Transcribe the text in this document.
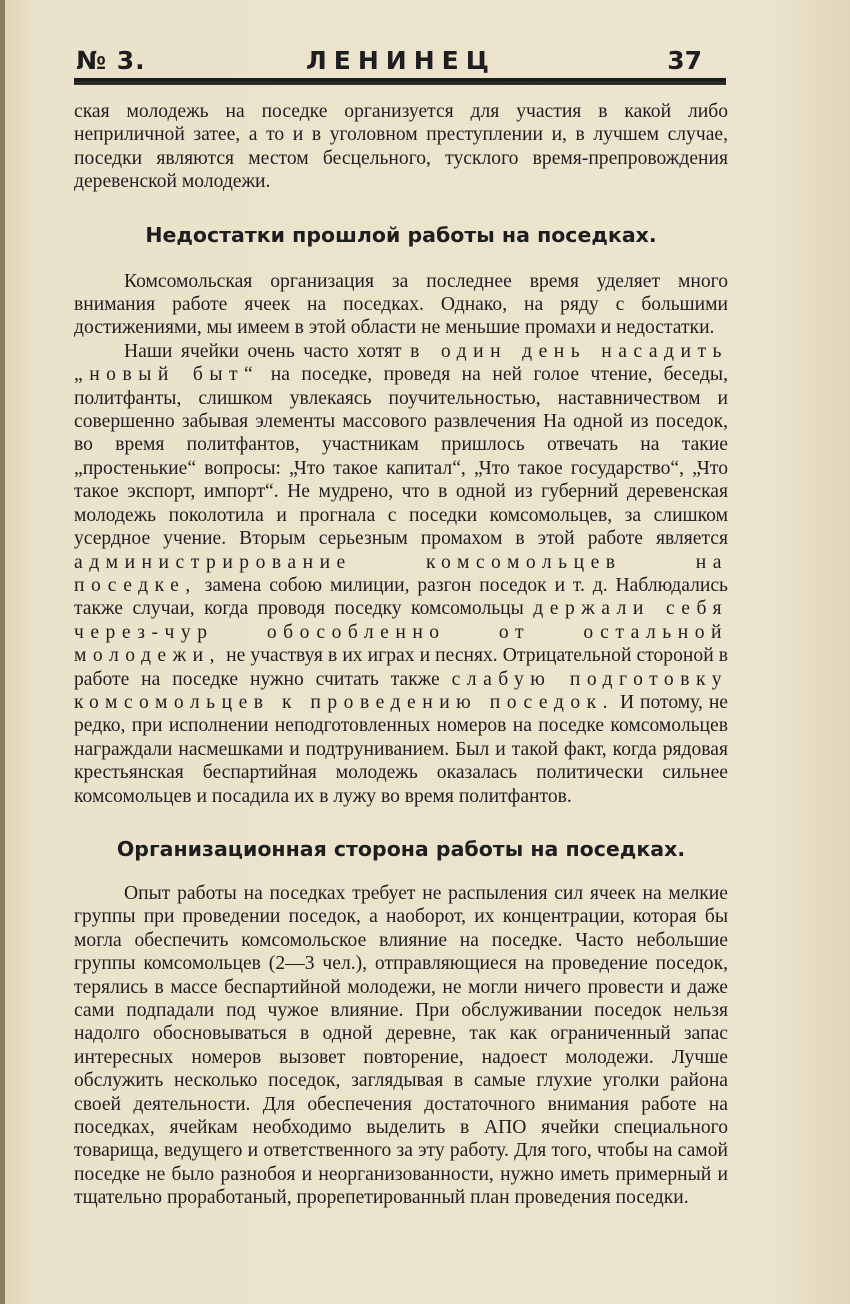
№ 3.	ЛЕНИНЕЦ	37

ская молодежь на поседке организуется для участия в какой либо неприличной затее, а то и в уголовном преступлении и, в лучшем случае, поседки являются местом бесцельного, тусклого время-препровождения деревенской молодежи.

Недостатки прошлой работы на поседках.

Комсомольская организация за последнее время уделяет много внимания работе ячеек на поседках. Однако, на ряду с большими достижениями, мы имеем в этой области не меньшие промахи и недостатки.

Наши ячейки очень часто хотят в один день насадить „новый быт“ на поседке, проведя на ней голое чтение, беседы, политфанты, слишком увлекаясь поучительностью, наставничеством и совершенно забывая элементы массового развлечения На одной из поседок, во время политфантов, участникам пришлось отвечать на такие „простенькие“ вопросы: „Что такое капитал“, „Что такое государство“, „Что такое экспорт, импорт“. Не мудрено, что в одной из губерний деревенская молодежь поколотила и прогнала с поседки комсомольцев, за слишком усердное учение. Вторым серьезным промахом в этой работе является администрирование комсомольцев на поседке, замена собою милиции, разгон поседок и т. д. Наблюдались также случаи, когда проводя поседку комсомольцы держали себя через-чур обособленно от остальной молодежи, не участвуя в их играх и песнях. Отрицательной стороной в работе на поседке нужно считать также слабую подготовку комсомольцев к проведению поседок. И потому, не редко, при исполнении неподготовленных номеров на поседке комсомольцев награждали насмешками и подтруниванием. Был и такой факт, когда рядовая крестьянская беспартийная молодежь оказалась политически сильнее комсомольцев и посадила их в лужу во время политфантов.

Организационная сторона работы на поседках.

Опыт работы на поседках требует не распыления сил ячеек на мелкие группы при проведении поседок, а наоборот, их концентрации, которая бы могла обеспечить комсомольское влияние на поседке. Часто небольшие группы комсомольцев (2—3 чел.), отправляющиеся на проведение поседок, терялись в массе беспартийной молодежи, не могли ничего провести и даже сами подпадали под чужое влияние. При обслуживании поседок нельзя надолго обосновываться в одной деревне, так как ограниченный запас интересных номеров вызовет повторение, надоест молодежи. Лучше обслужить несколько поседок, заглядывая в самые глухие уголки района своей деятельности. Для обеспечения достаточного внимания работе на поседках, ячейкам необходимо выделить в АПО ячейки специального товарища, ведущего и ответственного за эту работу. Для того, чтобы на самой поседке не было разнобоя и неорганизованности, нужно иметь примерный и тщательно проработаный, прорепетированный план проведения поседки.
